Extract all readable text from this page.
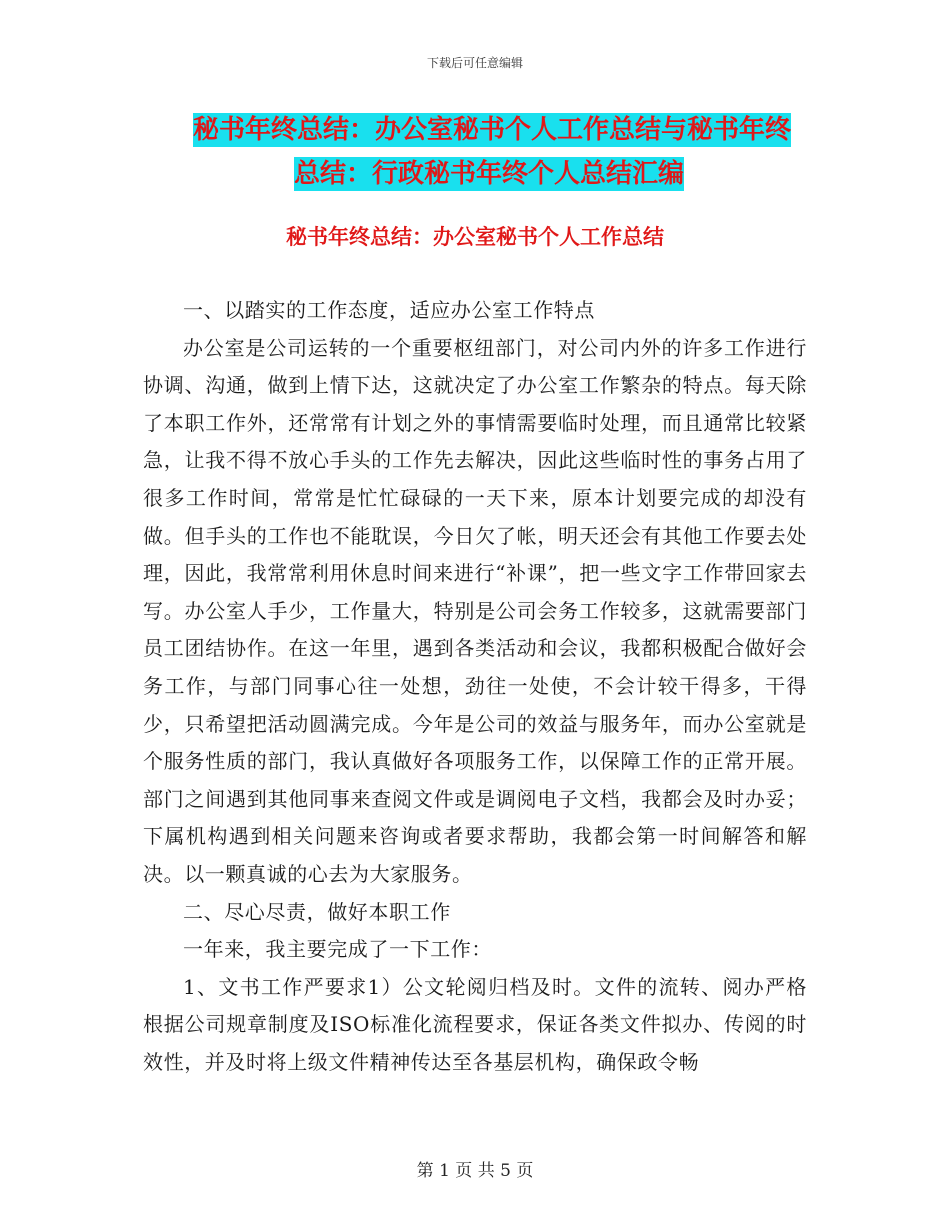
下载后可任意编辑
秘书年终总结：办公室秘书个人工作总结与秘书年终
总结：行政秘书年终个人总结汇编
秘书年终总结：办公室秘书个人工作总结

一、以踏实的工作态度，适应办公室工作特点

办公室是公司运转的一个重要枢纽部门，对公司内外的许多工作进行协调、沟通，做到上情下达，这就决定了办公室工作繁杂的特点。每天除了本职工作外，还常常有计划之外的事情需要临时处理，而且通常比较紧急，让我不得不放心手头的工作先去解决，因此这些临时性的事务占用了很多工作时间，常常是忙忙碌碌的一天下来，原本计划要完成的却没有做。但手头的工作也不能耽误，今日欠了帐，明天还会有其他工作要去处理，因此，我常常利用休息时间来进行“补课”，把一些文字工作带回家去写。办公室人手少，工作量大，特别是公司会务工作较多，这就需要部门员工团结协作。在这一年里，遇到各类活动和会议，我都积极配合做好会务工作，与部门同事心往一处想，劲往一处使，不会计较干得多，干得少，只希望把活动圆满完成。今年是公司的效益与服务年，而办公室就是个服务性质的部门，我认真做好各项服务工作，以保障工作的正常开展。部门之间遇到其他同事来查阅文件或是调阅电子文档，我都会及时办妥；下属机构遇到相关问题来咨询或者要求帮助，我都会第一时间解答和解决。以一颗真诚的心去为大家服务。

二、尽心尽责，做好本职工作

一年来，我主要完成了一下工作：

1、文书工作严要求1）公文轮阅归档及时。文件的流转、阅办严格根据公司规章制度及ISO标准化流程要求，保证各类文件拟办、传阅的时效性，并及时将上级文件精神传达至各基层机构，确保政令畅

第 1 页 共 5 页
